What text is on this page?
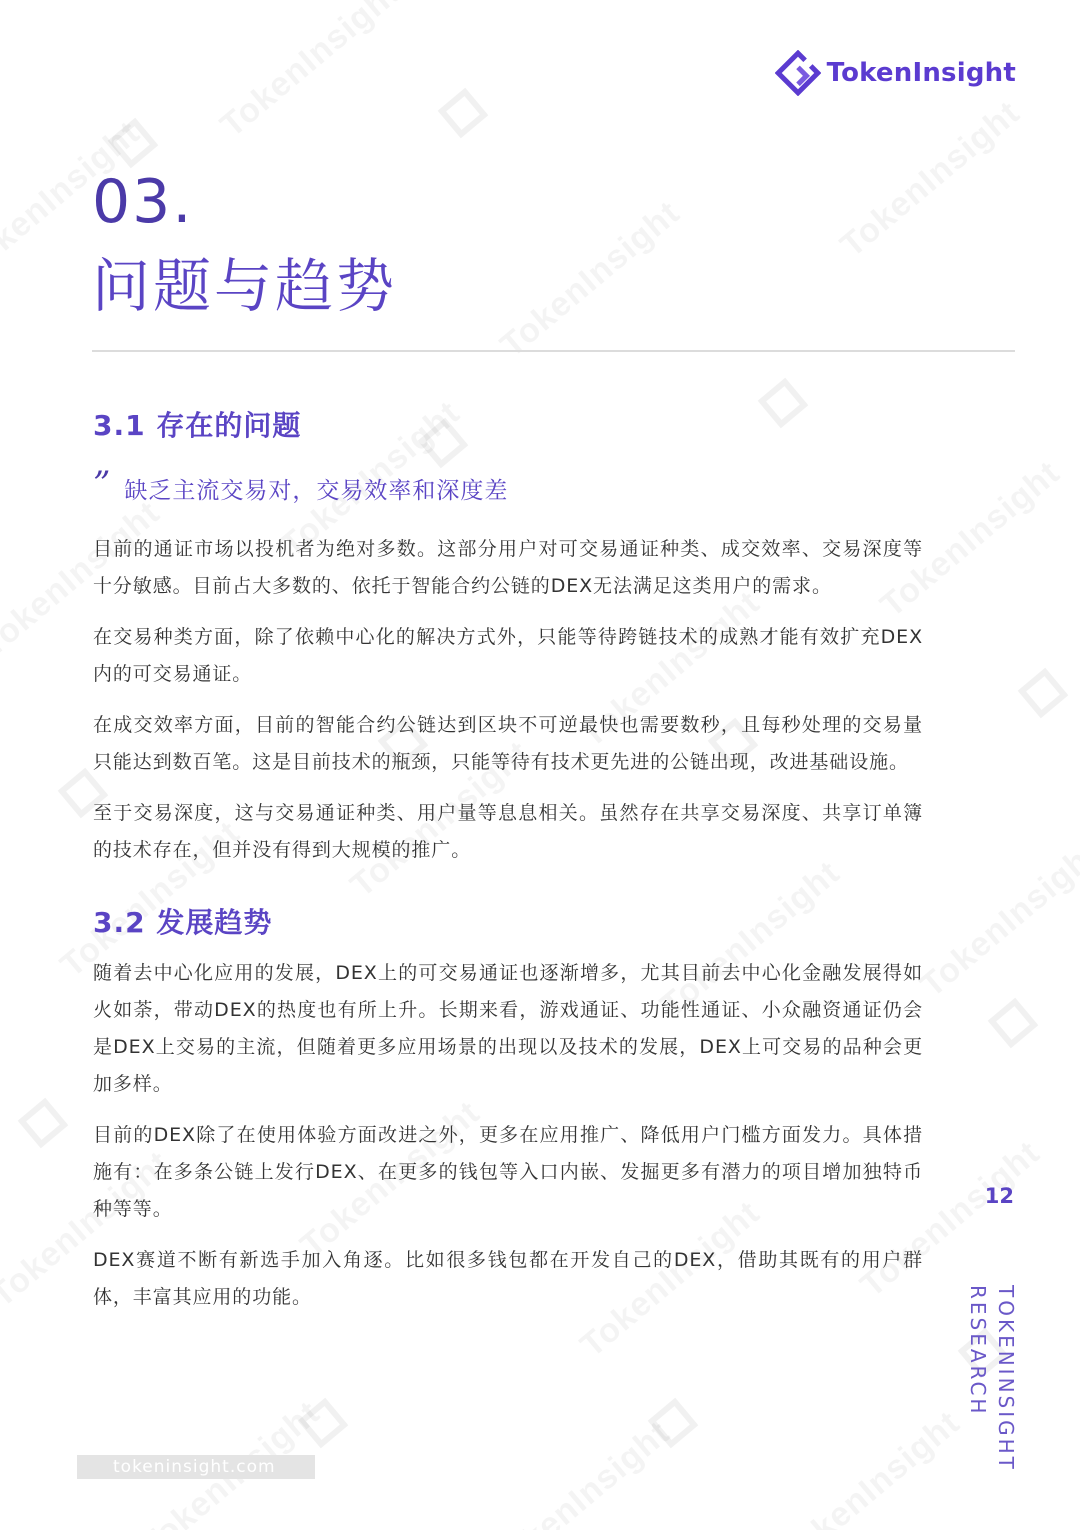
TokenInsight
03.
问题与趋势
3.1 存在的问题
” 缺乏主流交易对，交易效率和深度差

目前的通证市场以投机者为绝对多数。这部分用户对可交易通证种类、成交效率、交易深度等十分敏感。目前占大多数的、依托于智能合约公链的DEX无法满足这类用户的需求。

在交易种类方面，除了依赖中心化的解决方式外，只能等待跨链技术的成熟才能有效扩充DEX内的可交易通证。

在成交效率方面，目前的智能合约公链达到区块不可逆最快也需要数秒，且每秒处理的交易量只能达到数百笔。这是目前技术的瓶颈，只能等待有技术更先进的公链出现，改进基础设施。

至于交易深度，这与交易通证种类、用户量等息息相关。虽然存在共享交易深度、共享订单簿的技术存在，但并没有得到大规模的推广。

3.2 发展趋势

随着去中心化应用的发展，DEX上的可交易通证也逐渐增多，尤其目前去中心化金融发展得如火如荼，带动DEX的热度也有所上升。长期来看，游戏通证、功能性通证、小众融资通证仍会是DEX上交易的主流，但随着更多应用场景的出现以及技术的发展，DEX上可交易的品种会更加多样。

目前的DEX除了在使用体验方面改进之外，更多在应用推广、降低用户门槛方面发力。具体措施有：在多条公链上发行DEX、在更多的钱包等入口内嵌、发掘更多有潜力的项目增加独特币种等等。

DEX赛道不断有新选手加入角逐。比如很多钱包都在开发自己的DEX，借助其既有的用户群体，丰富其应用的功能。

12
TOKENINSIGHT
RESEARCH
tokeninsight.com
